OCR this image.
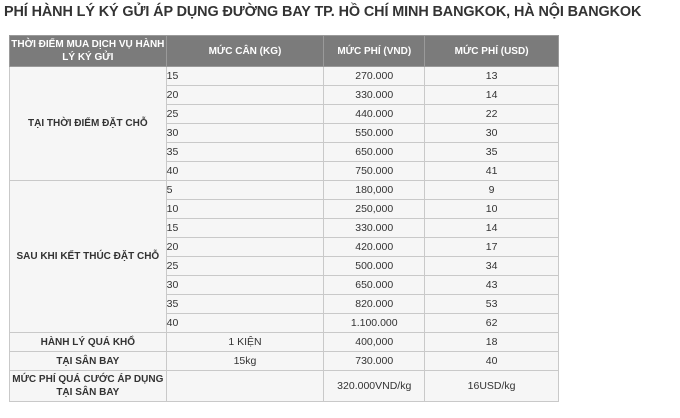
PHÍ HÀNH LÝ KÝ GỬI ÁP DỤNG ĐƯỜNG BAY TP. HỒ CHÍ MINH BANGKOK, HÀ NỘI BANGKOK
THỜI ĐIỂM MUA DỊCH VỤ HÀNH LÝ KÝ GỬI	MỨC CÂN (KG)	MỨC PHÍ (VND)	MỨC PHÍ (USD)
TẠI THỜI ĐIỂM ĐẶT CHỖ	15	270.000	13
	20	330.000	14
	25	440.000	22
	30	550.000	30
	35	650.000	35
	40	750.000	41
SAU KHI KẾT THÚC ĐẶT CHỖ	5	180,000	9
	10	250,000	10
	15	330.000	14
	20	420.000	17
	25	500.000	34
	30	650.000	43
	35	820.000	53
	40	1.100.000	62
HÀNH LÝ QUÁ KHỔ	1 KIỆN	400,000	18
TẠI SÂN BAY	15kg	730.000	40
MỨC PHÍ QUÁ CƯỚC ÁP DỤNG TẠI SÂN BAY		320.000VND/kg	16USD/kg
